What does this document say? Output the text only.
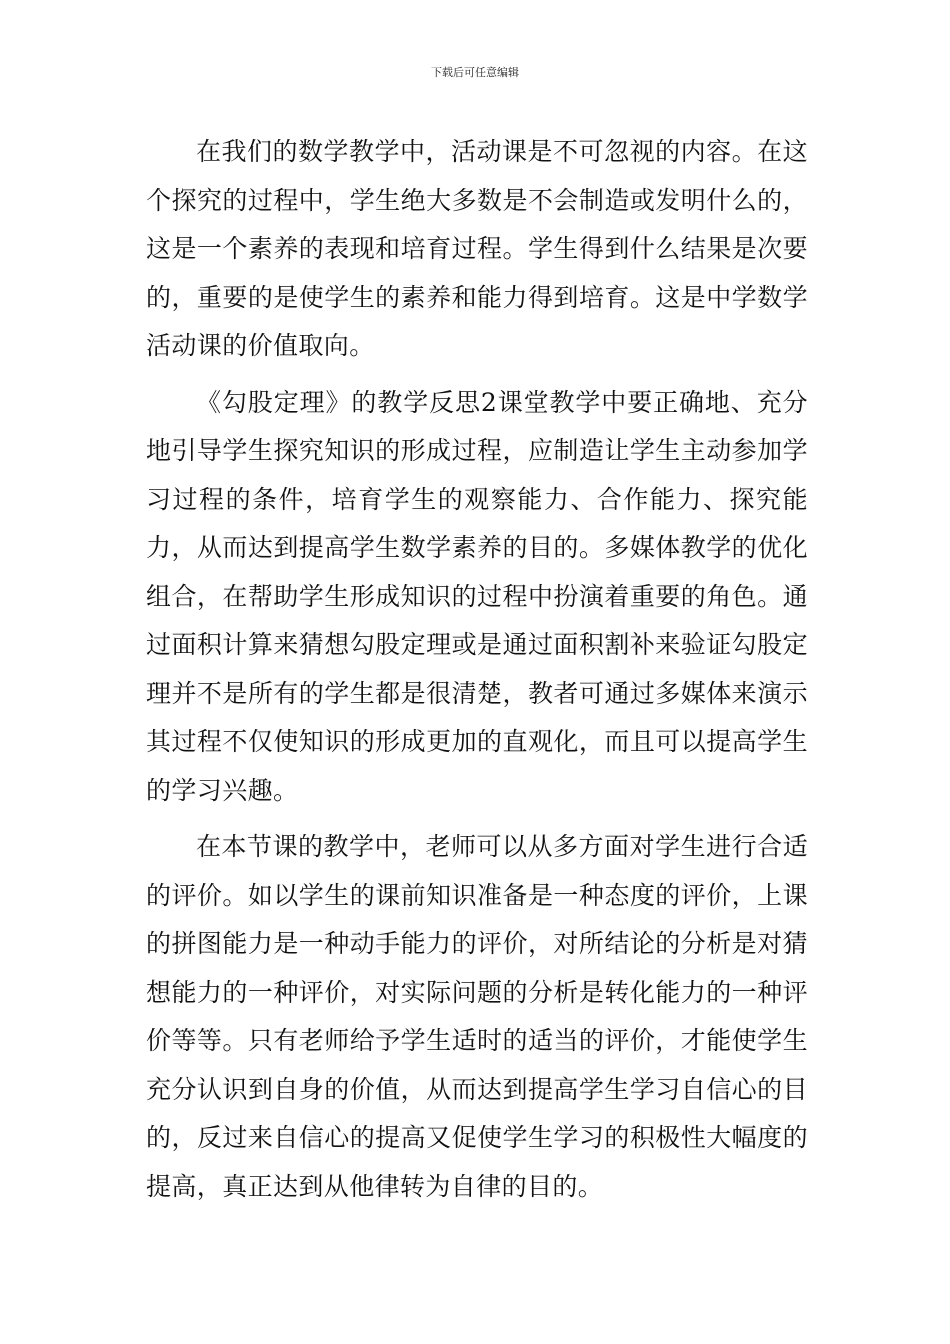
下载后可任意编辑

在我们的数学教学中，活动课是不可忽视的内容。在这个探究的过程中，学生绝大多数是不会制造或发明什么的，这是一个素养的表现和培育过程。学生得到什么结果是次要的，重要的是使学生的素养和能力得到培育。这是中学数学活动课的价值取向。

《勾股定理》的教学反思2课堂教学中要正确地、充分地引导学生探究知识的形成过程，应制造让学生主动参加学习过程的条件，培育学生的观察能力、合作能力、探究能力，从而达到提高学生数学素养的目的。多媒体教学的优化组合，在帮助学生形成知识的过程中扮演着重要的角色。通过面积计算来猜想勾股定理或是通过面积割补来验证勾股定理并不是所有的学生都是很清楚，教者可通过多媒体来演示其过程不仅使知识的形成更加的直观化，而且可以提高学生的学习兴趣。

在本节课的教学中，老师可以从多方面对学生进行合适的评价。如以学生的课前知识准备是一种态度的评价，上课的拼图能力是一种动手能力的评价，对所结论的分析是对猜想能力的一种评价，对实际问题的分析是转化能力的一种评价等等。只有老师给予学生适时的适当的评价，才能使学生充分认识到自身的价值，从而达到提高学生学习自信心的目的，反过来自信心的提高又促使学生学习的积极性大幅度的提高，真正达到从他律转为自律的目的。
